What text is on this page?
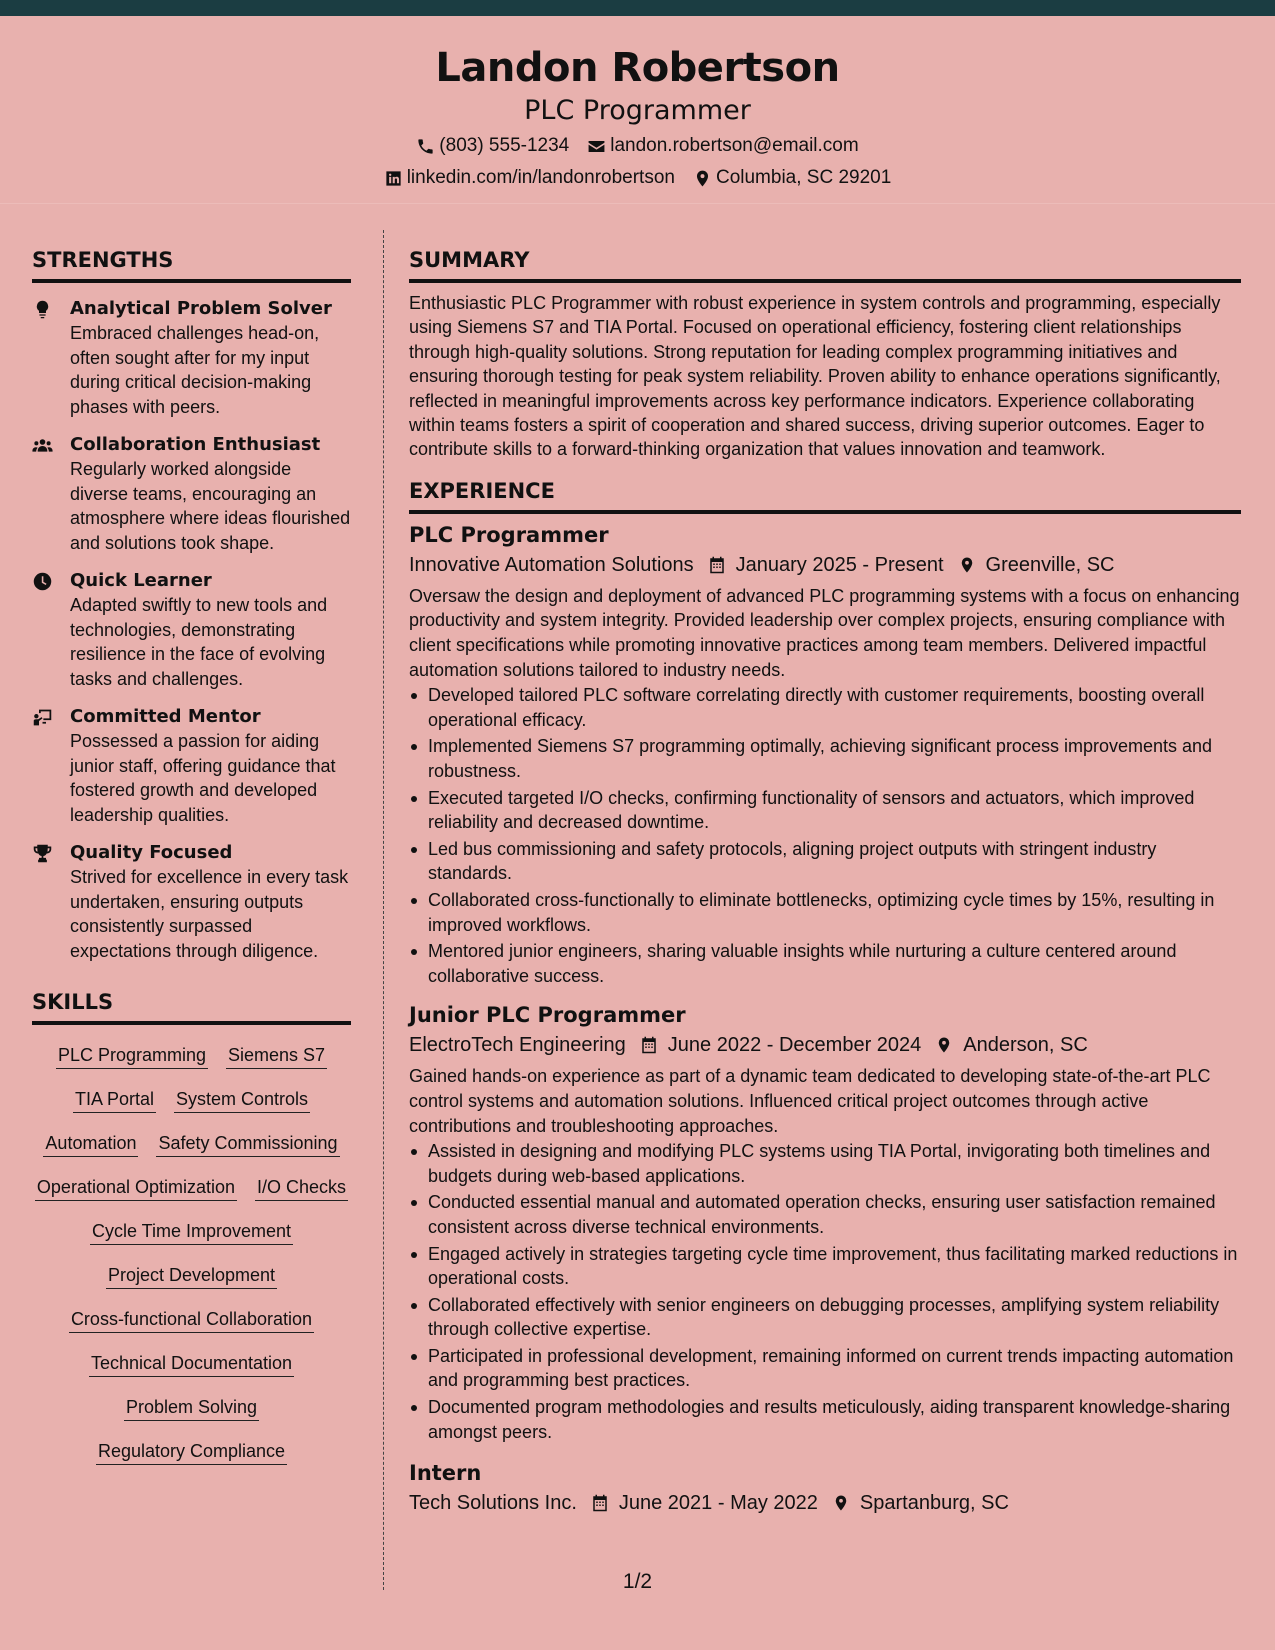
Landon Robertson
PLC Programmer
(803) 555-1234 landon.robertson@email.com
linkedin.com/in/landonrobertson Columbia, SC 29201
STRENGTHS
Analytical Problem Solver
Embraced challenges head-on, often sought after for my input during critical decision-making phases with peers.
Collaboration Enthusiast
Regularly worked alongside diverse teams, encouraging an atmosphere where ideas flourished and solutions took shape.
Quick Learner
Adapted swiftly to new tools and technologies, demonstrating resilience in the face of evolving tasks and challenges.
Committed Mentor
Possessed a passion for aiding junior staff, offering guidance that fostered growth and developed leadership qualities.
Quality Focused
Strived for excellence in every task undertaken, ensuring outputs consistently surpassed expectations through diligence.
SKILLS
PLC Programming Siemens S7
TIA Portal System Controls
Automation Safety Commissioning
Operational Optimization I/O Checks
Cycle Time Improvement
Project Development
Cross-functional Collaboration
Technical Documentation
Problem Solving
Regulatory Compliance
SUMMARY

Enthusiastic PLC Programmer with robust experience in system controls and programming, especially using Siemens S7 and TIA Portal. Focused on operational efficiency, fostering client relationships through high-quality solutions. Strong reputation for leading complex programming initiatives and ensuring thorough testing for peak system reliability. Proven ability to enhance operations significantly, reflected in meaningful improvements across key performance indicators. Experience collaborating within teams fosters a spirit of cooperation and shared success, driving superior outcomes. Eager to contribute skills to a forward-thinking organization that values innovation and teamwork.

EXPERIENCE
PLC Programmer
Innovative Automation Solutions January 2025 - Present Greenville, SC

Oversaw the design and deployment of advanced PLC programming systems with a focus on enhancing productivity and system integrity. Provided leadership over complex projects, ensuring compliance with client specifications while promoting innovative practices among team members. Delivered impactful automation solutions tailored to industry needs.

Developed tailored PLC software correlating directly with customer requirements, boosting overall operational efficacy.
Implemented Siemens S7 programming optimally, achieving significant process improvements and robustness.
Executed targeted I/O checks, confirming functionality of sensors and actuators, which improved reliability and decreased downtime.
Led bus commissioning and safety protocols, aligning project outputs with stringent industry standards.
Collaborated cross-functionally to eliminate bottlenecks, optimizing cycle times by 15%, resulting in improved workflows.
Mentored junior engineers, sharing valuable insights while nurturing a culture centered around collaborative success.
Junior PLC Programmer
ElectroTech Engineering June 2022 - December 2024 Anderson, SC

Gained hands-on experience as part of a dynamic team dedicated to developing state-of-the-art PLC control systems and automation solutions. Influenced critical project outcomes through active contributions and troubleshooting approaches.

Assisted in designing and modifying PLC systems using TIA Portal, invigorating both timelines and budgets during web-based applications.
Conducted essential manual and automated operation checks, ensuring user satisfaction remained consistent across diverse technical environments.
Engaged actively in strategies targeting cycle time improvement, thus facilitating marked reductions in operational costs.
Collaborated effectively with senior engineers on debugging processes, amplifying system reliability through collective expertise.
Participated in professional development, remaining informed on current trends impacting automation and programming best practices.
Documented program methodologies and results meticulously, aiding transparent knowledge-sharing amongst peers.
Intern
Tech Solutions Inc. June 2021 - May 2022 Spartanburg, SC
1/2
